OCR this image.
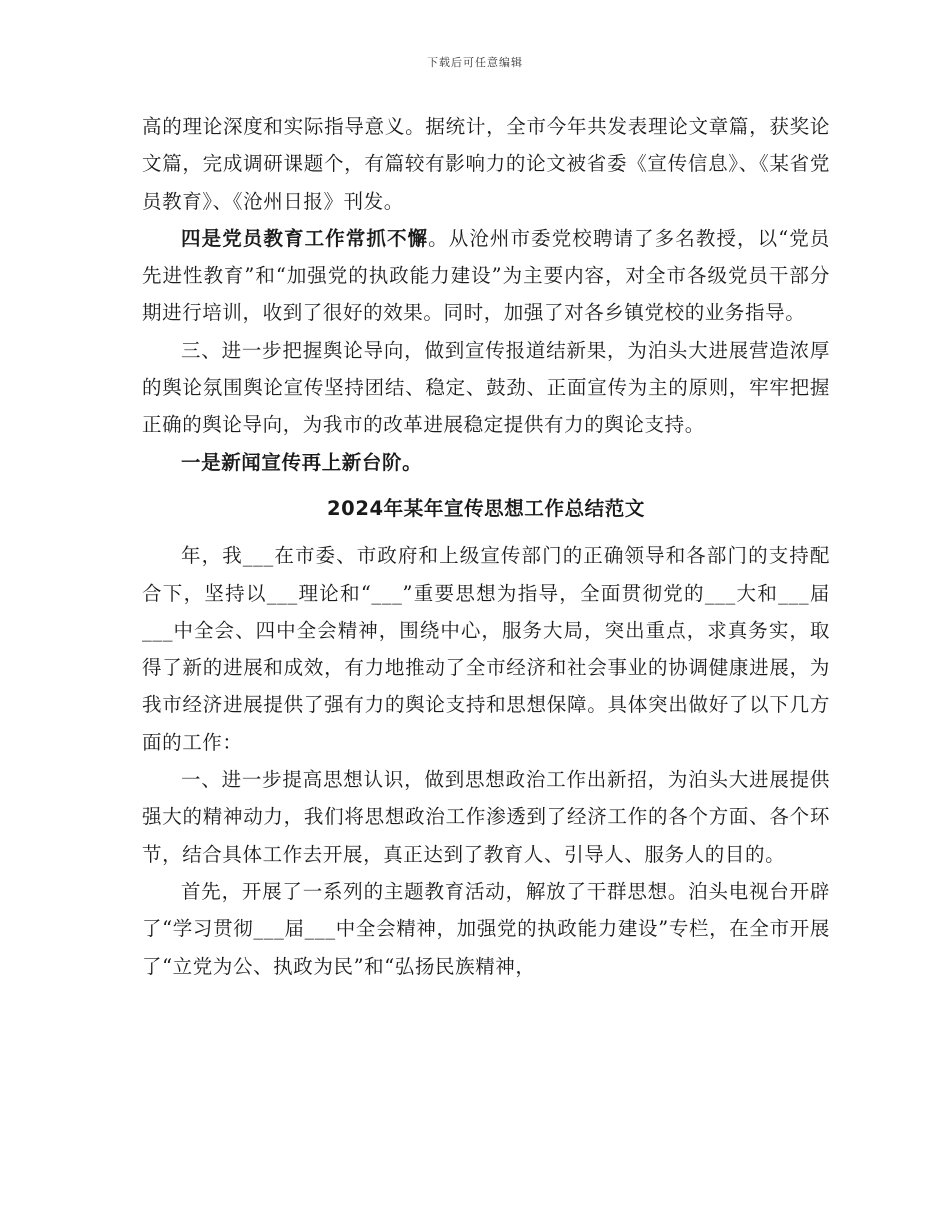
下载后可任意编辑

高的理论深度和实际指导意义。据统计，全市今年共发表理论文章篇，获奖论文篇，完成调研课题个，有篇较有影响力的论文被省委《宣传信息》、《某省党员教育》、《沧州日报》刊发。

四是党员教育工作常抓不懈。从沧州市委党校聘请了多名教授，以“党员先进性教育”和“加强党的执政能力建设”为主要内容，对全市各级党员干部分期进行培训，收到了很好的效果。同时，加强了对各乡镇党校的业务指导。

三、进一步把握舆论导向，做到宣传报道结新果，为泊头大进展营造浓厚的舆论氛围舆论宣传坚持团结、稳定、鼓劲、正面宣传为主的原则，牢牢把握正确的舆论导向，为我市的改革进展稳定提供有力的舆论支持。

一是新闻宣传再上新台阶。

2024年某年宣传思想工作总结范文

年，我___在市委、市政府和上级宣传部门的正确领导和各部门的支持配合下，坚持以___理论和“___”重要思想为指导，全面贯彻党的___大和___届___中全会、四中全会精神，围绕中心，服务大局，突出重点，求真务实，取得了新的进展和成效，有力地推动了全市经济和社会事业的协调健康进展，为我市经济进展提供了强有力的舆论支持和思想保障。具体突出做好了以下几方面的工作：

一、进一步提高思想认识，做到思想政治工作出新招，为泊头大进展提供强大的精神动力，我们将思想政治工作渗透到了经济工作的各个方面、各个环节，结合具体工作去开展，真正达到了教育人、引导人、服务人的目的。

首先，开展了一系列的主题教育活动，解放了干群思想。泊头电视台开辟了“学习贯彻___届___中全会精神，加强党的执政能力建设”专栏，在全市开展了“立党为公、执政为民”和“弘扬民族精神，
